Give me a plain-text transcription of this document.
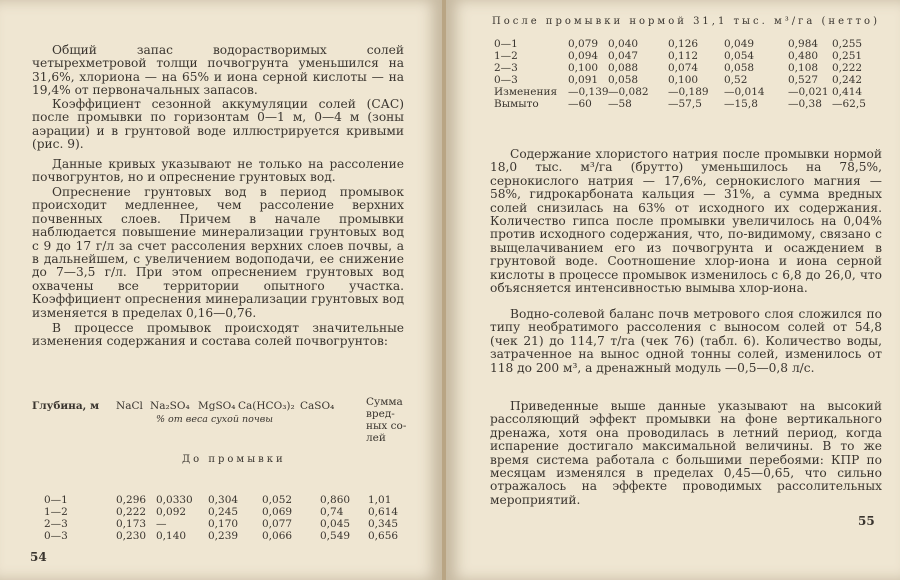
Общий запас водорастворимых солей четырехметровой толщи почвогрунта уменьшился на 31,6%, хлориона — на 65% и иона серной кислоты — на 19,4% от первоначальных запасов.

Коэффициент сезонной аккумуляции солей (САС) после промывки по горизонтам 0—1 м, 0—4 м (зоны аэрации) и в грунтовой воде иллюстрируется кривыми (рис. 9).

Данные кривых указывают не только на рассоление почвогрунтов, но и опреснение грунтовых вод.

Опреснение грунтовых вод в период промывок происходит медленнее, чем рассоление верхних почвенных слоев. Причем в начале промывки наблюдается повышение минерализации грунтовых вод с 9 до 17 г/л за счет рассоления верхних слоев почвы, а в дальнейшем, с увеличением водоподачи, ее снижение до 7—3,5 г/л. При этом опреснением грунтовых вод охвачены все территории опытного участка. Коэффициент опреснения минерализации грунтовых вод изменяется в пределах 0,16—0,76.

В процессе промывок происходят значительные изменения содержания и состава солей почвогрунтов:

Глубина, м NaCl Na₂SO₄ MgSO₄ Ca(HCO₃)₂ CaSO₄	Сумма вред-ных со-лей
% от веса сухой почвы
До промывки
0—1	0,296 0,0330 0,304 0,052	0,860 1,01
1—2	0,222 0,092 0,245 0,069	0,74 0,614
2—3	0,173 —	0,170 0,077	0,045 0,345
0—3	0,230 0,140 0,239 0,066	0,549 0,656
54
После промывки нормой 31,1 тыс. м³/га (нетто)
0—1	0,079 0,040	0,126 0,049	0,984 0,255
1—2	0,094 0,047	0,112 0,054	0,480 0,251
2—3	0,100 0,088	0,074 0,058	0,108 0,222
0—3	0,091 0,058	0,100 0,52	0,527 0,242
Изменения —0,139 —0,082 —0,189 —0,014 —0,021 0,414
Вымыто	—60 —58	—57,5 —15,8	—0,38 —62,5

Содержание хлористого натрия после промывки нормой 18,0 тыс. м³/га (брутто) уменьшилось на 78,5%, сернокислого натрия — 17,6%, сернокислого магния — 58%, гидрокарбоната кальция — 31%, а сумма вредных солей снизилась на 63% от исходного их содержания. Количество гипса после промывки увеличилось на 0,04% против исходного содержания, что, по-видимому, связано с выщелачиванием его из почвогрунта и осаждением в грунтовой воде. Соотношение хлор-иона и иона серной кислоты в процессе промывок изменилось с 6,8 до 26,0, что объясняется интенсивностью вымыва хлор-иона.

Водно-солевой баланс почв метрового слоя сложился по типу необратимого рассоления с выносом солей от 54,8 (чек 21) до 114,7 т/га (чек 76) (табл. 6). Количество воды, затраченное на вынос одной тонны солей, изменилось от 118 до 200 м³, а дренажный модуль —0,5—0,8 л/с.

Приведенные выше данные указывают на высокий рассоляющий эффект промывки на фоне вертикального дренажа, хотя она проводилась в летний период, когда испарение достигало максимальной величины. В то же время система работала с большими перебоями: КПР по месяцам изменялся в пределах 0,45—0,65, что сильно отражалось на эффекте проводимых рассолительных мероприятий.

55
